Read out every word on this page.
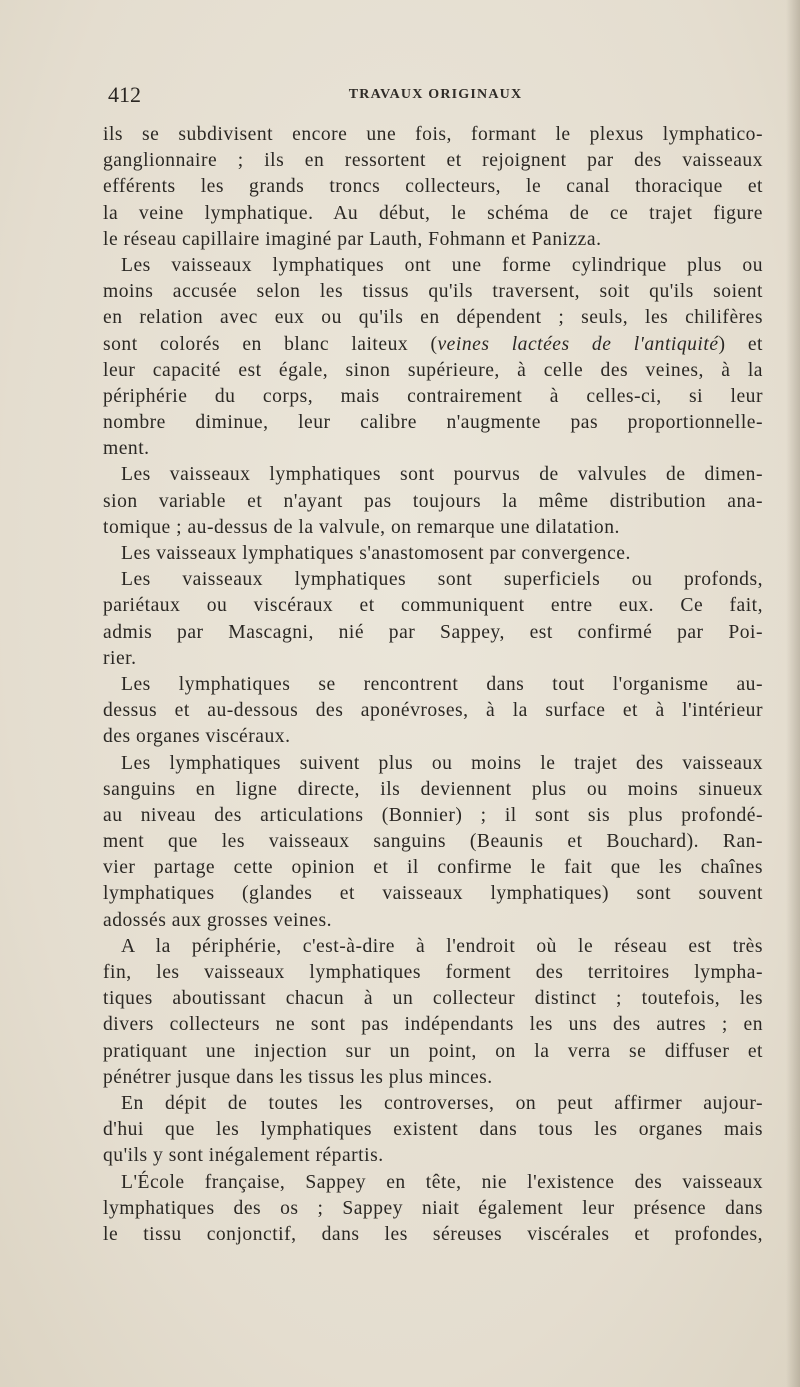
412	TRAVAUX ORIGINAUX
ils se subdivisent encore une fois, formant le plexus lymphatico-
ganglionnaire ; ils en ressortent et rejoignent par des vaisseaux
efférents les grands troncs collecteurs, le canal thoracique et
la veine lymphatique. Au début, le schéma de ce trajet figure
le réseau capillaire imaginé par Lauth, Fohmann et Panizza.
Les vaisseaux lymphatiques ont une forme cylindrique plus ou
moins accusée selon les tissus qu'ils traversent, soit qu'ils soient
en relation avec eux ou qu'ils en dépendent ; seuls, les chilifères
sont colorés en blanc laiteux (veines lactées de l'antiquité) et
leur capacité est égale, sinon supérieure, à celle des veines, à la
périphérie du corps, mais contrairement à celles-ci, si leur
nombre diminue, leur calibre n'augmente pas proportionnelle-
ment.
Les vaisseaux lymphatiques sont pourvus de valvules de dimen-
sion variable et n'ayant pas toujours la même distribution ana-
tomique ; au-dessus de la valvule, on remarque une dilatation.
Les vaisseaux lymphatiques s'anastomosent par convergence.
Les vaisseaux lymphatiques sont superficiels ou profonds,
pariétaux ou viscéraux et communiquent entre eux. Ce fait,
admis par Mascagni, nié par Sappey, est confirmé par Poi-
rier.
Les lymphatiques se rencontrent dans tout l'organisme au-
dessus et au-dessous des aponévroses, à la surface et à l'intérieur
des organes viscéraux.
Les lymphatiques suivent plus ou moins le trajet des vaisseaux
sanguins en ligne directe, ils deviennent plus ou moins sinueux
au niveau des articulations (Bonnier) ; il sont sis plus profondé-
ment que les vaisseaux sanguins (Beaunis et Bouchard). Ran-
vier partage cette opinion et il confirme le fait que les chaînes
lymphatiques (glandes et vaisseaux lymphatiques) sont souvent
adossés aux grosses veines.
A la périphérie, c'est-à-dire à l'endroit où le réseau est très
fin, les vaisseaux lymphatiques forment des territoires lympha-
tiques aboutissant chacun à un collecteur distinct ; toutefois, les
divers collecteurs ne sont pas indépendants les uns des autres ; en
pratiquant une injection sur un point, on la verra se diffuser et
pénétrer jusque dans les tissus les plus minces.
En dépit de toutes les controverses, on peut affirmer aujour-
d'hui que les lymphatiques existent dans tous les organes mais
qu'ils y sont inégalement répartis.
L'École française, Sappey en tête, nie l'existence des vaisseaux
lymphatiques des os ; Sappey niait également leur présence dans
le tissu conjonctif, dans les séreuses viscérales et profondes,
